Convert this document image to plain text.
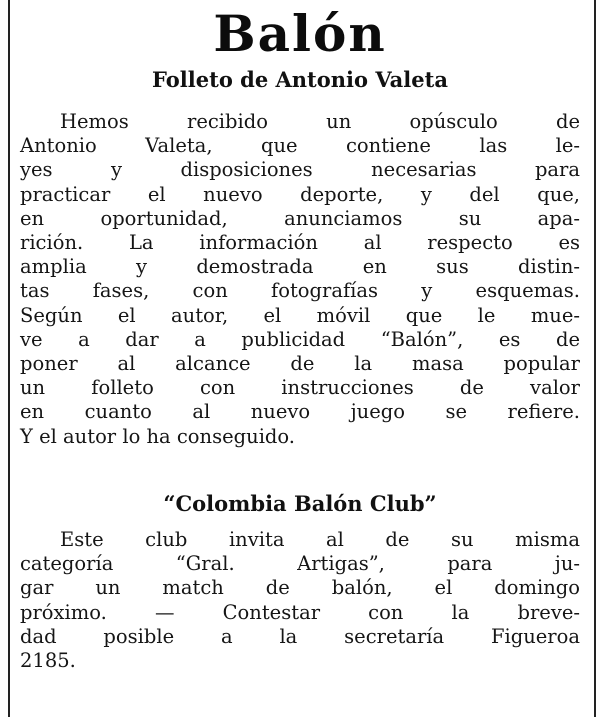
Balón
Folleto de Antonio Valeta
Hemos recibido un opúsculo de
Antonio Valeta, que contiene las le-
yes y disposiciones necesarias para
practicar el nuevo deporte, y del que,
en oportunidad, anunciamos su apa-
rición. La información al respecto es
amplia y demostrada en sus distin-
tas fases, con fotografías y esquemas.
Según el autor, el móvil que le mue-
ve a dar a publicidad “Balón”, es de
poner al alcance de la masa popular
un folleto con instrucciones de valor
en cuanto al nuevo juego se refiere.
Y el autor lo ha conseguido.
“Colombia Balón Club”
Este club invita al de su misma
categoría “Gral. Artigas”, para ju-
gar un match de balón, el domingo
próximo. — Contestar con la breve-
dad posible a la secretaría Figueroa
2185.
